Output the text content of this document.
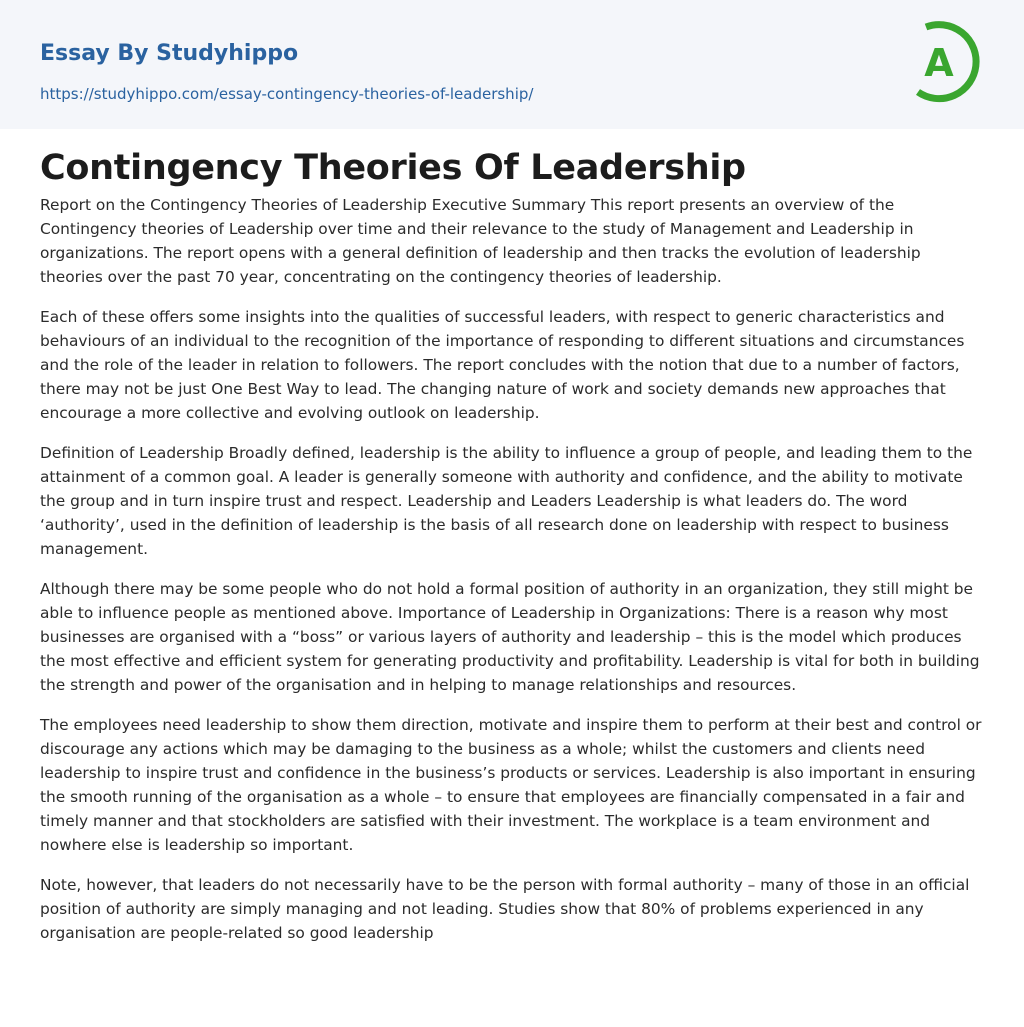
Essay By Studyhippo
https://studyhippo.com/essay-contingency-theories-of-leadership/
A
Contingency Theories Of Leadership

Report on the Contingency Theories of Leadership Executive Summary This report presents an overview of the Contingency theories of Leadership over time and their relevance to the study of Management and Leadership in organizations. The report opens with a general definition of leadership and then tracks the evolution of leadership theories over the past 70 year, concentrating on the contingency theories of leadership.

Each of these offers some insights into the qualities of successful leaders, with respect to generic characteristics and behaviours of an individual to the recognition of the importance of responding to different situations and circumstances and the role of the leader in relation to followers. The report concludes with the notion that due to a number of factors, there may not be just One Best Way to lead. The changing nature of work and society demands new approaches that encourage a more collective and evolving outlook on leadership.

Definition of Leadership Broadly defined, leadership is the ability to influence a group of people, and leading them to the attainment of a common goal. A leader is generally someone with authority and confidence, and the ability to motivate the group and in turn inspire trust and respect. Leadership and Leaders Leadership is what leaders do. The word ‘authority’, used in the definition of leadership is the basis of all research done on leadership with respect to business management.

Although there may be some people who do not hold a formal position of authority in an organization, they still might be able to influence people as mentioned above. Importance of Leadership in Organizations: There is a reason why most businesses are organised with a “boss” or various layers of authority and leadership – this is the model which produces the most effective and efficient system for generating productivity and profitability. Leadership is vital for both in building the strength and power of the organisation and in helping to manage relationships and resources.

The employees need leadership to show them direction, motivate and inspire them to perform at their best and control or discourage any actions which may be damaging to the business as a whole; whilst the customers and clients need leadership to inspire trust and confidence in the business’s products or services. Leadership is also important in ensuring the smooth running of the organisation as a whole – to ensure that employees are financially compensated in a fair and timely manner and that stockholders are satisfied with their investment. The workplace is a team environment and nowhere else is leadership so important.

Note, however, that leaders do not necessarily have to be the person with formal authority – many of those in an official position of authority are simply managing and not leading. Studies show that 80% of problems experienced in any organisation are people-related so good leadership
